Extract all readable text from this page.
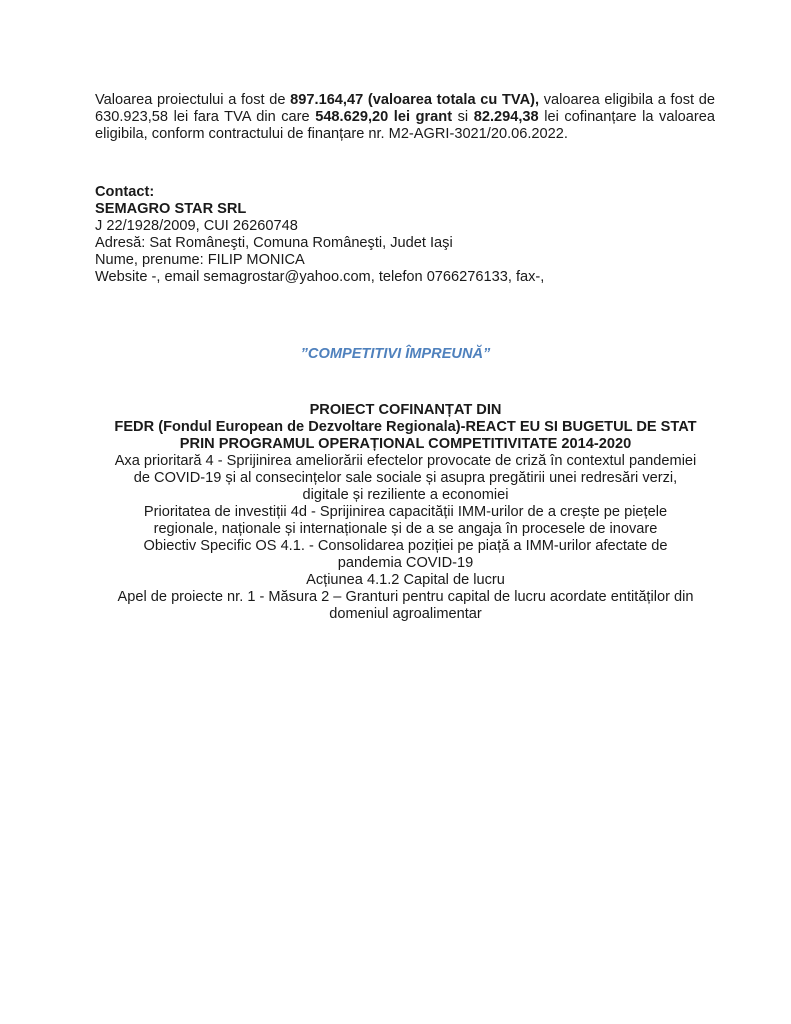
Valoarea proiectului a fost de 897.164,47 (valoarea totala cu TVA), valoarea eligibila a fost de 630.923,58 lei fara TVA din care 548.629,20 lei grant si 82.294,38 lei cofinanțare la valoarea eligibila, conform contractului de finanțare nr. M2-AGRI-3021/20.06.2022.

Contact:
SEMAGRO STAR SRL
J 22/1928/2009, CUI 26260748
Adresă: Sat Româneşti, Comuna Româneşti, Judet Iaşi
Nume, prenume: FILIP MONICA
Website -, email semagrostar@yahoo.com, telefon 0766276133, fax-,
”COMPETITIVI ÎMPREUNĂ”
PROIECT COFINANȚAT DIN
FEDR (Fondul European de Dezvoltare Regionala)-REACT EU SI BUGETUL DE STAT
PRIN PROGRAMUL OPERAȚIONAL COMPETITIVITATE 2014-2020
Axa prioritară 4 - Sprijinirea ameliorării efectelor provocate de criză în contextul pandemiei
de COVID-19 și al consecințelor sale sociale și asupra pregătirii unei redresări verzi,
digitale și reziliente a economiei
Prioritatea de investiții 4d - Sprijinirea capacității IMM-urilor de a crește pe piețele
regionale, naționale și internaționale și de a se angaja în procesele de inovare
Obiectiv Specific OS 4.1. - Consolidarea poziției pe piață a IMM-urilor afectate de
pandemia COVID-19
Acțiunea 4.1.2 Capital de lucru
Apel de proiecte nr. 1 - Măsura 2 – Granturi pentru capital de lucru acordate entităților din
domeniul agroalimentar
